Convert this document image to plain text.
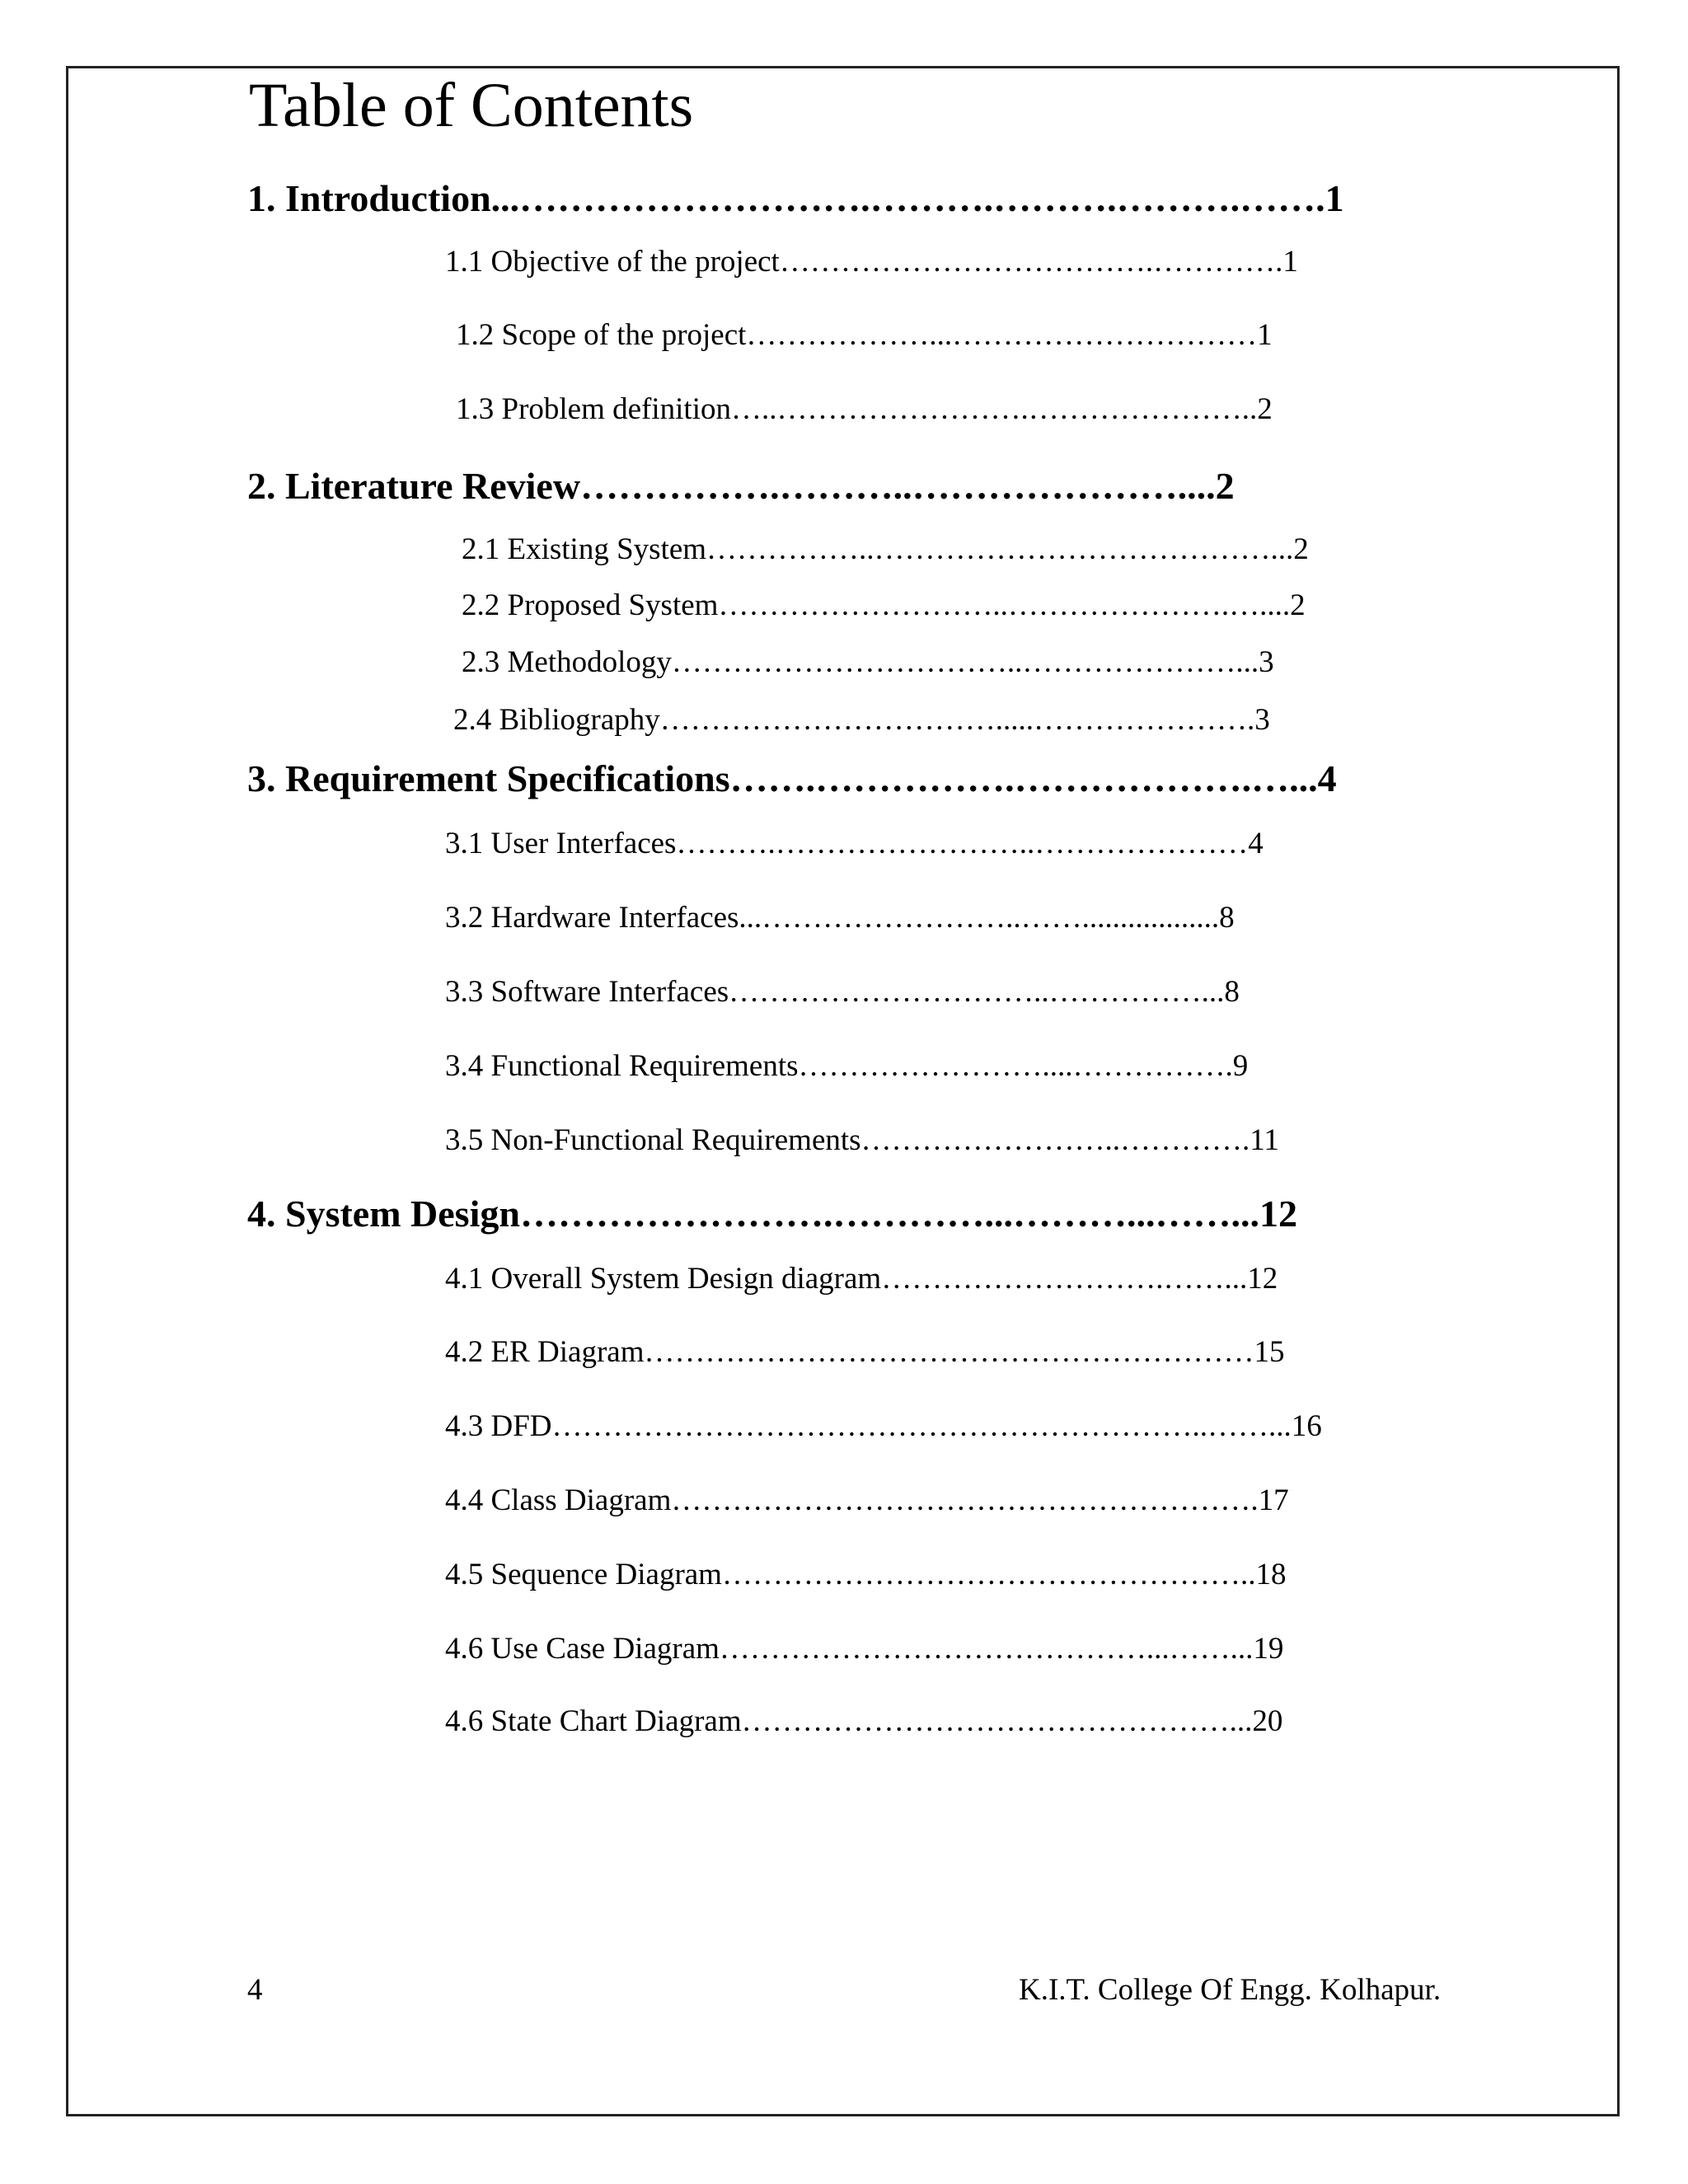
Table of Contents
1. Introduction...……………………….……….……….……….…….1
1.1 Objective of the project……………………………….………….1
1.2 Scope of the project………………...…………………………1
1.3 Problem definition…..…………………….…………………..2
2. Literature Review…………….………..…………………....2
2.1 Existing System……………..…………………………………...2
2.2 Proposed System………………………..………………….…....2
2.3 Methodology……………………………..…………………...3
2.4 Bibliography…………………………….....………………….3
3. Requirement Specifications…….…………….……………….…...4
3.1 User Interfaces……….……………………..…………………4
3.2 Hardware Interfaces...……………………..……..................8
3.3 Software Interfaces…………………………..……………...8
3.4 Functional Requirements……………………....…………….9
3.5 Non-Functional Requirements……………………..………….11
4. System Design…………………….…………...………...……...12
4.1 Overall System Design diagram……………………….……...12
4.2 ER Diagram……………………………………………………15
4.3 DFD………………………………………………………..……...16
4.4 Class Diagram………………………………………………….17
4.5 Sequence Diagram……………………………………………..18
4.6 Use Case Diagram……………………………………...……...19
4.6 State Chart Diagram…………………………………………...20
4	K.I.T. College Of Engg. Kolhapur.
